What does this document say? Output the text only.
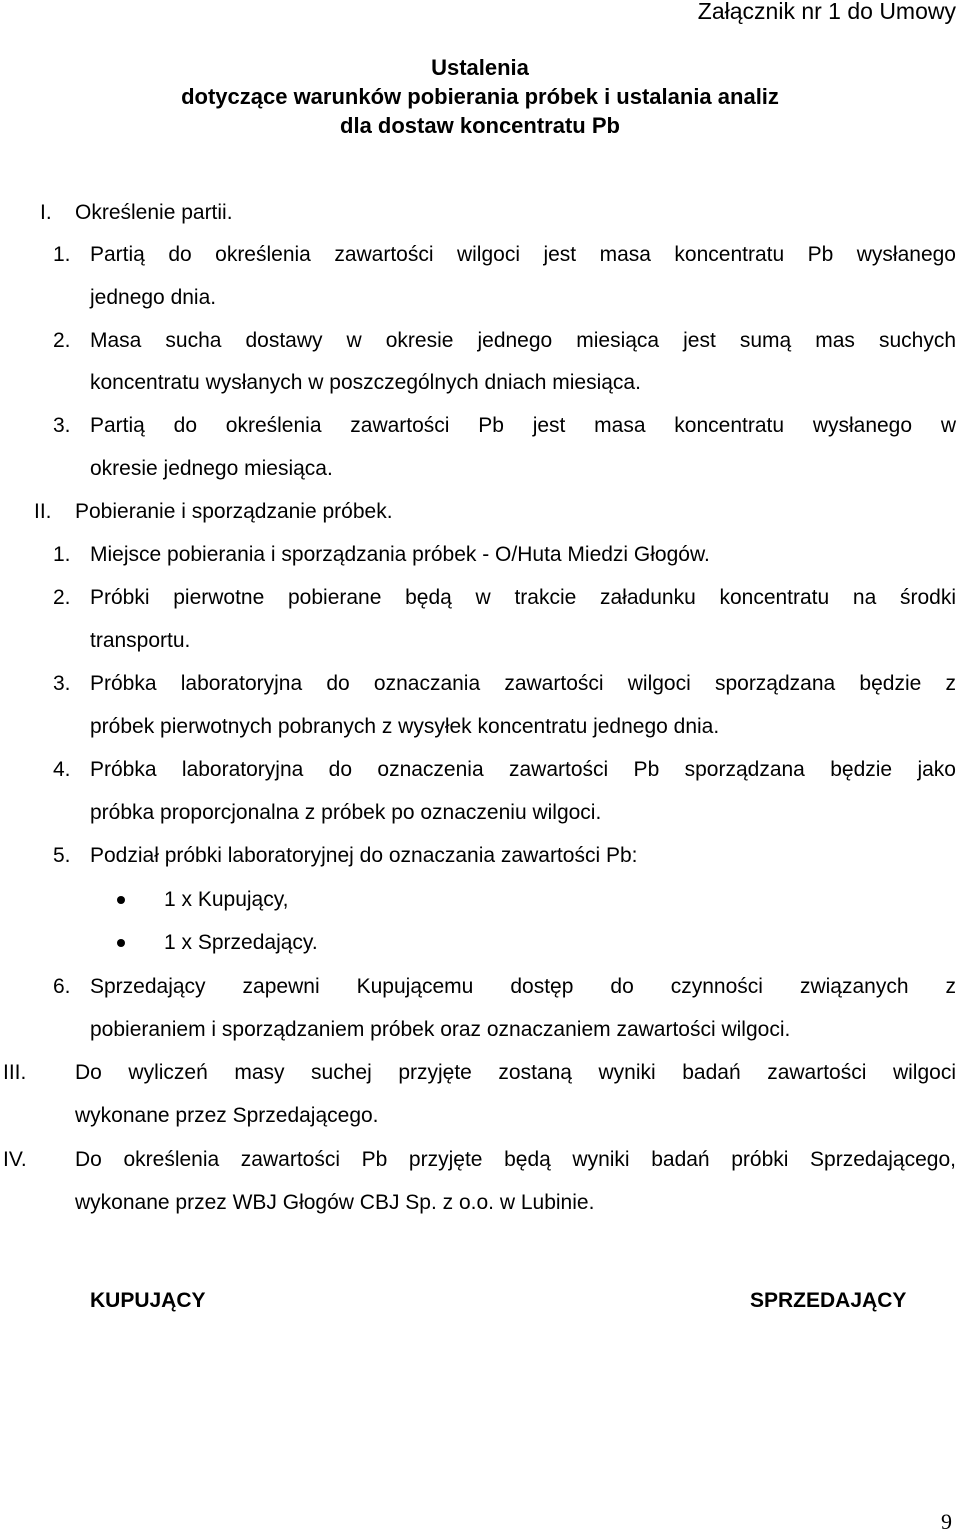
Załącznik nr 1 do Umowy
Ustalenia
dotyczące warunków pobierania próbek i ustalania analiz
dla dostaw koncentratu Pb
I. Określenie partii.
1. Partią do określenia zawartości wilgoci jest masa koncentratu Pb wysłanego
jednego dnia.
2. Masa sucha dostawy w okresie jednego miesiąca jest sumą mas suchych
koncentratu wysłanych w poszczególnych dniach miesiąca.
3. Partią do określenia zawartości Pb jest masa koncentratu wysłanego w
okresie jednego miesiąca.
II. Pobieranie i sporządzanie próbek.
1. Miejsce pobierania i sporządzania próbek - O/Huta Miedzi Głogów.
2. Próbki pierwotne pobierane będą w trakcie załadunku koncentratu na środki
transportu.
3. Próbka laboratoryjna do oznaczania zawartości wilgoci sporządzana będzie z
próbek pierwotnych pobranych z wysyłek koncentratu jednego dnia.
4. Próbka laboratoryjna do oznaczenia zawartości Pb sporządzana będzie jako
próbka proporcjonalna z próbek po oznaczeniu wilgoci.
5. Podział próbki laboratoryjnej do oznaczania zawartości Pb:
1 x Kupujący,
1 x Sprzedający.
6. Sprzedający zapewni Kupującemu dostęp do czynności związanych z
pobieraniem i sporządzaniem próbek oraz oznaczaniem zawartości wilgoci.
III. Do wyliczeń masy suchej przyjęte zostaną wyniki badań zawartości wilgoci
wykonane przez Sprzedającego.
IV. Do określenia zawartości Pb przyjęte będą wyniki badań próbki Sprzedającego,
wykonane przez WBJ Głogów CBJ Sp. z o.o. w Lubinie.
KUPUJĄCY	SPRZEDAJĄCY
9
